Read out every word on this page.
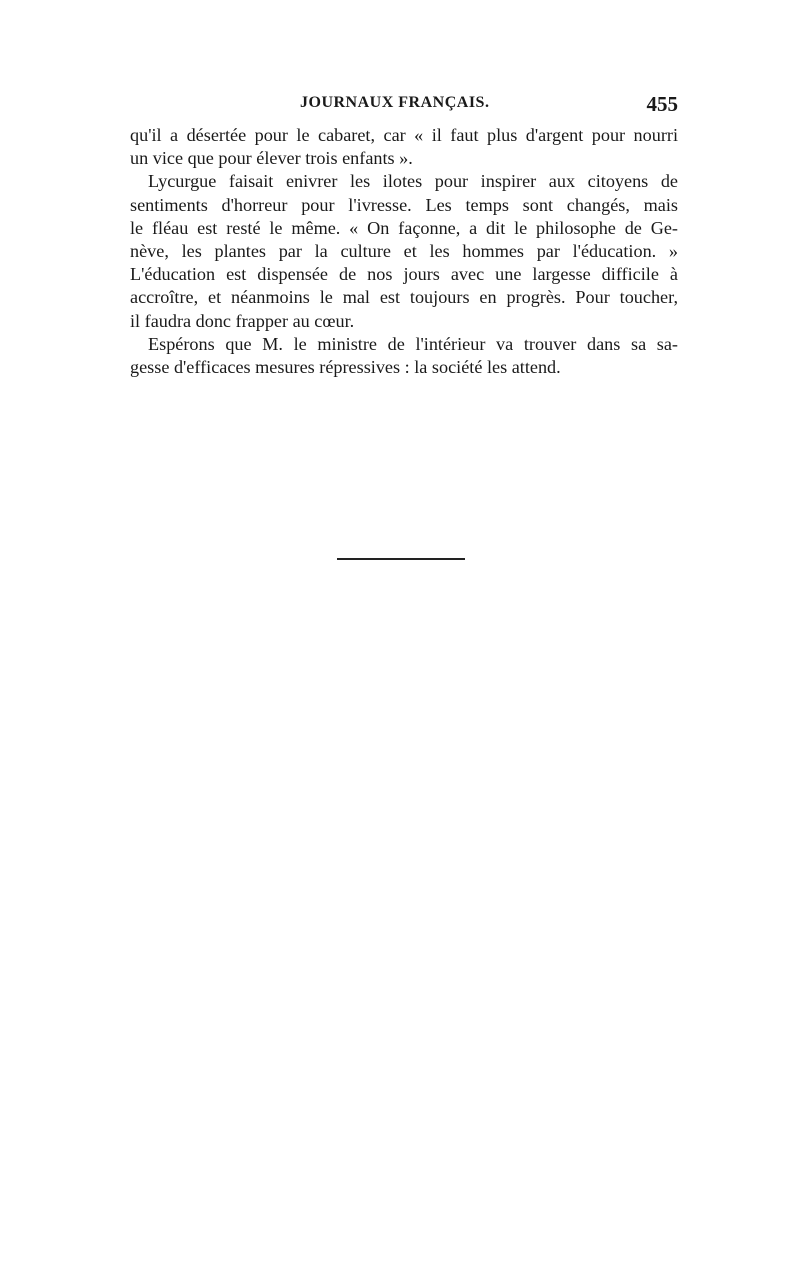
JOURNAUX FRANÇAIS.	455
qu'il a désertée pour le cabaret, car « il faut plus d'argent pour nourri
un vice que pour élever trois enfants ».
Lycurgue faisait enivrer les ilotes pour inspirer aux citoyens de
sentiments d'horreur pour l'ivresse. Les temps sont changés, mais
le fléau est resté le même. « On façonne, a dit le philosophe de Ge-
nève, les plantes par la culture et les hommes par l'éducation. »
L'éducation est dispensée de nos jours avec une largesse difficile à
accroître, et néanmoins le mal est toujours en progrès. Pour toucher,
il faudra donc frapper au cœur.
Espérons que M. le ministre de l'intérieur va trouver dans sa sa-
gesse d'efficaces mesures répressives : la société les attend.
